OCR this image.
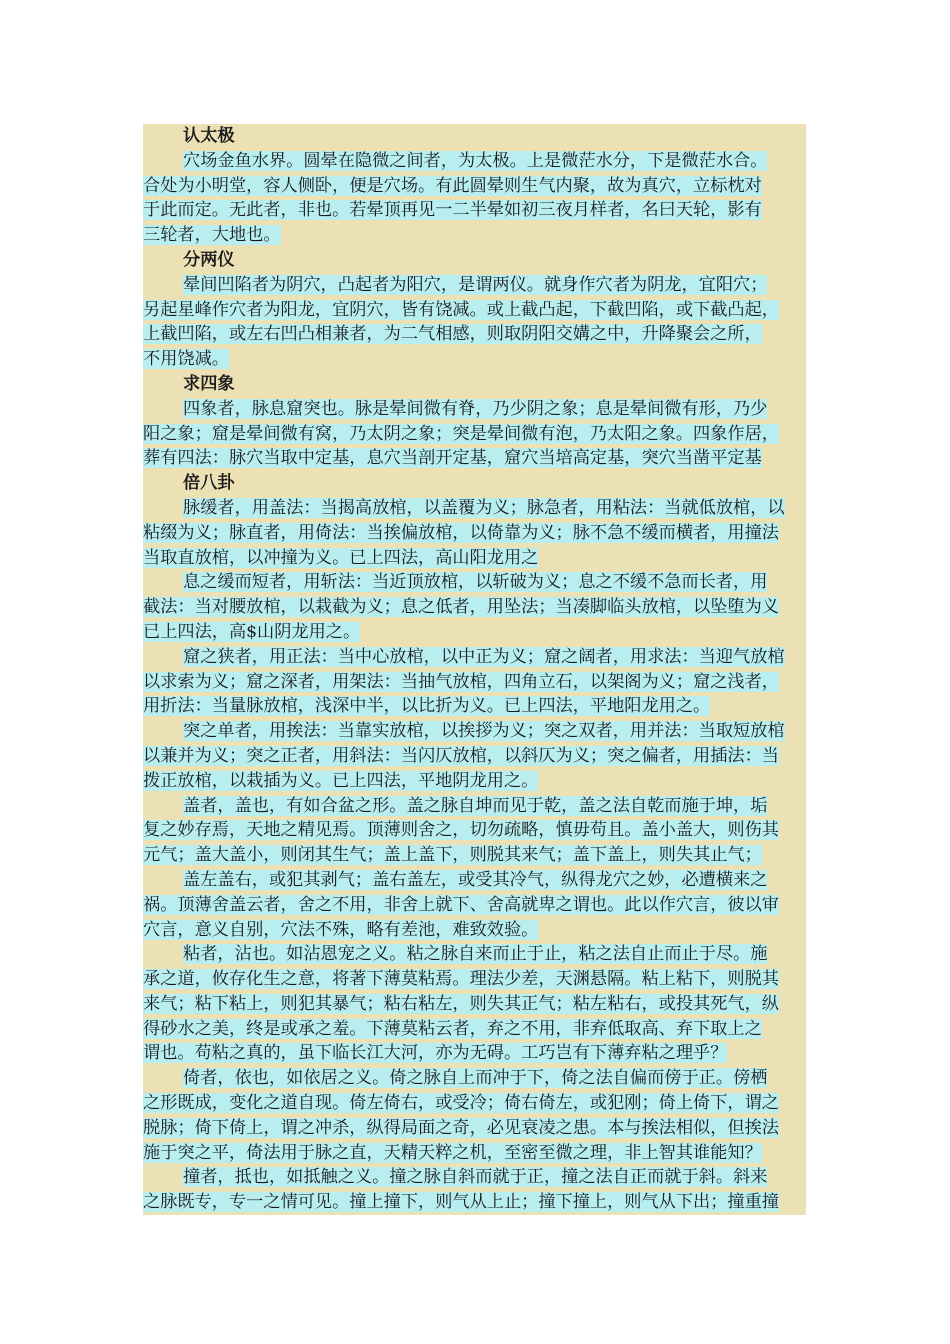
认太极
穴场金鱼水界。圆晕在隐微之间者，为太极。上是微茫水分，下是微茫水合。
合处为小明堂，容人侧卧，便是穴场。有此圆晕则生气内聚，故为真穴，立标枕对
于此而定。无此者，非也。若晕顶再见一二半晕如初三夜月样者，名曰天轮，影有
三轮者，大地也。
分两仪
晕间凹陷者为阴穴，凸起者为阳穴，是谓两仪。就身作穴者为阴龙，宜阳穴；
另起星峰作穴者为阳龙，宜阴穴，皆有饶减。或上截凸起，下截凹陷，或下截凸起，
上截凹陷，或左右凹凸相兼者，为二气相感，则取阴阳交媾之中，升降聚会之所，
不用饶减。
求四象
四象者，脉息窟突也。脉是晕间微有脊，乃少阴之象；息是晕间微有形，乃少
阳之象；窟是晕间微有窝，乃太阴之象；突是晕间微有泡，乃太阳之象。四象作居，
葬有四法：脉穴当取中定基，息穴当剖开定基，窟穴当培高定基，突穴当凿平定基
倍八卦
脉缓者，用盖法：当揭高放棺，以盖覆为义；脉急者，用粘法：当就低放棺，以
粘缀为义；脉直者，用倚法：当挨偏放棺，以倚靠为义；脉不急不缓而横者，用撞法
当取直放棺，以冲撞为义。已上四法，高山阳龙用之
息之缓而短者，用斩法：当近顶放棺，以斩破为义；息之不缓不急而长者，用
截法：当对腰放棺，以栽截为义；息之低者，用坠法；当凑脚临头放棺，以坠堕为义
已上四法，高$山阴龙用之。
窟之狭者，用正法：当中心放棺，以中正为义；窟之阔者，用求法：当迎气放棺
以求索为义；窟之深者，用架法：当抽气放棺，四角立石，以架阁为义；窟之浅者，
用折法：当量脉放棺，浅深中半，以比折为义。已上四法，平地阳龙用之。
突之单者，用挨法：当靠实放棺，以挨拶为义；突之双者，用并法：当取短放棺
以兼并为义；突之正者，用斜法：当闪仄放棺，以斜仄为义；突之偏者，用插法：当
拨正放棺，以栽插为义。已上四法，平地阴龙用之。
盖者，盖也，有如合盆之形。盖之脉自坤而见于乾，盖之法自乾而施于坤，垢
复之妙存焉，天地之精见焉。顶薄则舍之，切勿疏略，慎毋苟且。盖小盖大，则伤其
元气；盖大盖小，则闭其生气；盖上盖下，则脱其来气；盖下盖上，则失其止气；
盖左盖右，或犯其剥气；盖右盖左，或受其冷气，纵得龙穴之妙，必遭横来之
祸。顶薄舍盖云者，舍之不用，非舍上就下、舍高就卑之谓也。此以作穴言，彼以审
穴言，意义自别，穴法不殊，略有差池，难致效验。
粘者，沾也。如沾恩宠之义。粘之脉自来而止于止，粘之法自止而止于尽。施
承之道，攸存化生之意，将著下薄莫粘焉。理法少差，天渊悬隔。粘上粘下，则脱其
来气；粘下粘上，则犯其暴气；粘右粘左，则失其正气；粘左粘右，或投其死气，纵
得砂水之美，终是或承之羞。下薄莫粘云者，弃之不用，非弃低取高、弃下取上之
谓也。苟粘之真的，虽下临长江大河，亦为无碍。工巧岂有下薄弃粘之理乎？
倚者，依也，如依居之义。倚之脉自上而冲于下，倚之法自偏而傍于正。傍栖
之形既成，变化之道自现。倚左倚右，或受冷；倚右倚左，或犯刚；倚上倚下，谓之
脱脉；倚下倚上，谓之冲杀，纵得局面之奇，必见衰凌之患。本与挨法相似，但挨法
施于突之平，倚法用于脉之直，天精天粹之机，至密至微之理，非上智其谁能知？
撞者，抵也，如抵触之义。撞之脉自斜而就于正，撞之法自正而就于斜。斜来
之脉既专，专一之情可见。撞上撞下，则气从上止；撞下撞上，则气从下出；撞重撞
